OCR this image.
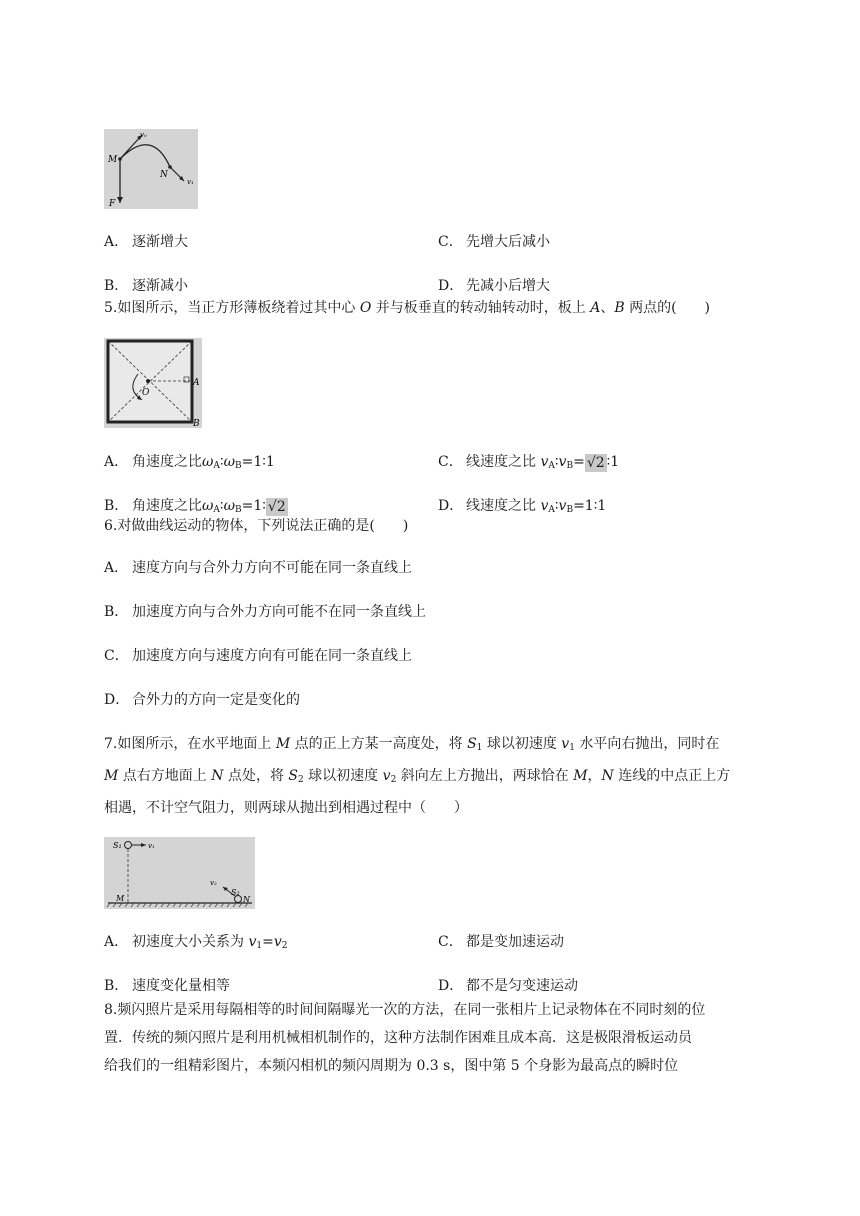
v₀
M
N
v₁
F
A． 逐渐增大	C． 先增大后减小
B． 逐渐减小	D． 先减小后增大
5.如图所示，当正方形薄板绕着过其中心 O 并与板垂直的转动轴转动时，板上 A、B 两点的(　　)
A
O
B
A． 角速度之比$\omega_A∶\omega_B=1∶1$	C． 线速度之比 $v_A∶v_B= √2$ ∶1
B． 角速度之比$\omega_A∶\omega_B=1∶$ √2	D． 线速度之比 $v_A∶v_B=1∶1$
6.对做曲线运动的物体，下列说法正确的是(　　)
A． 速度方向与合外力方向不可能在同一条直线上
B． 加速度方向与合外力方向可能不在同一条直线上
C． 加速度方向与速度方向有可能在同一条直线上
D． 合外力的方向一定是变化的
7.如图所示，在水平地面上 M 点的正上方某一高度处，将 $S_1$ 球以初速度 $v_1$ 水平向右抛出，同时在
M 点右方地面上 N 点处，将 $S_2$ 球以初速度 $v_2$ 斜向左上方抛出，两球恰在 M，N 连线的中点正上方
相遇，不计空气阻力，则两球从抛出到相遇过程中（　　）
S₁	v₁
v₂
S₂
M	N
A． 初速度大小关系为 $v_1=v_2$	C． 都是变加速运动
B． 速度变化量相等	D． 都不是匀变速运动
8.频闪照片是采用每隔相等的时间间隔曝光一次的方法，在同一张相片上记录物体在不同时刻的位
置．传统的频闪照片是利用机械相机制作的，这种方法制作困难且成本高．这是极限滑板运动员
给我们的一组精彩图片，本频闪相机的频闪周期为 0.3 s，图中第 5 个身影为最高点的瞬时位
